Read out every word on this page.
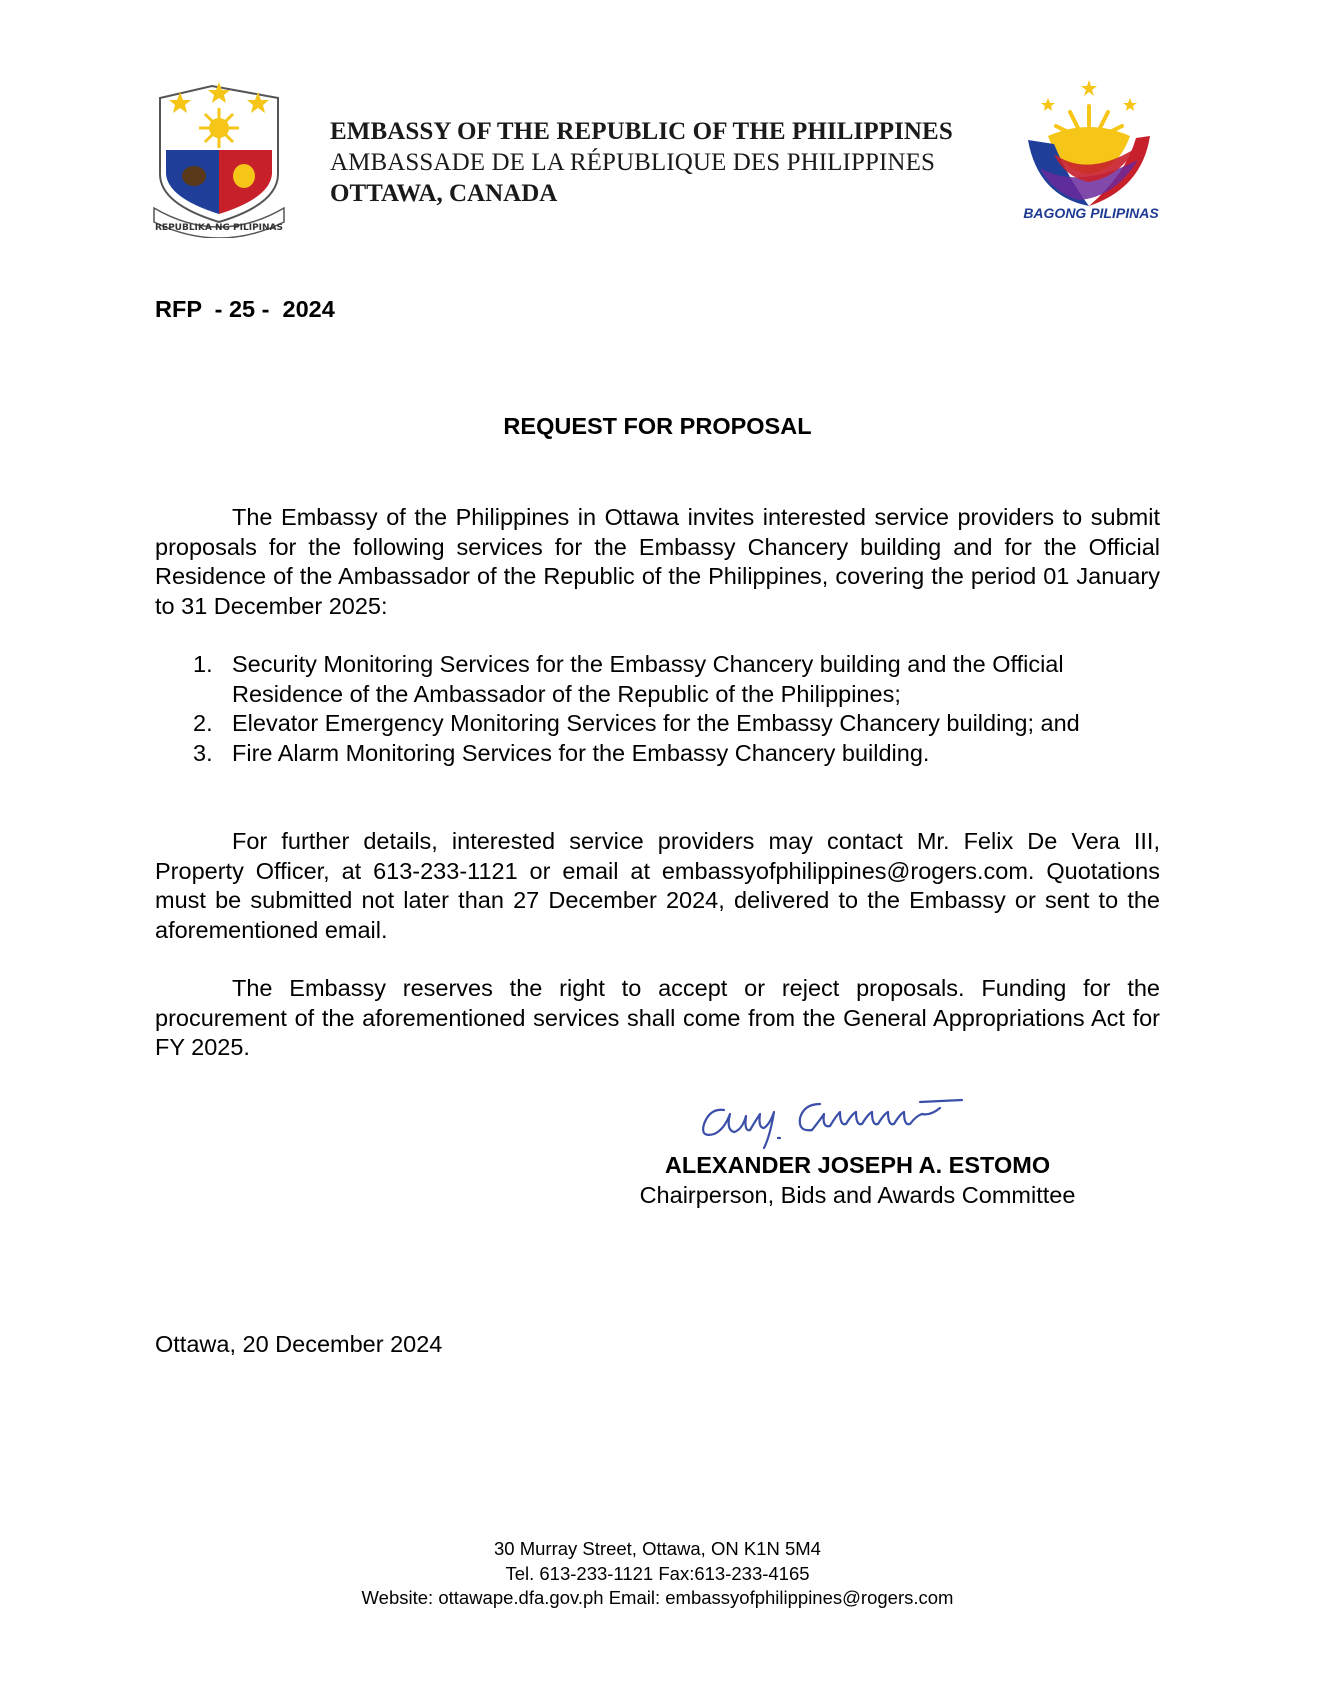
REPUBLIKA NG PILIPINAS
EMBASSY OF THE REPUBLIC OF THE PHILIPPINES
AMBASSADE DE LA RÉPUBLIQUE DES PHILIPPINES
OTTAWA, CANADA
BAGONG PILIPINAS
RFP  - 25 -  2024
REQUEST FOR PROPOSAL

The Embassy of the Philippines in Ottawa invites interested service providers to submit proposals for the following services for the Embassy Chancery building and for the Official Residence of the Ambassador of the Republic of the Philippines, covering the period 01 January to 31 December 2025:

1. Security Monitoring Services for the Embassy Chancery building and the Official Residence of the Ambassador of the Republic of the Philippines;
2. Elevator Emergency Monitoring Services for the Embassy Chancery building; and
3. Fire Alarm Monitoring Services for the Embassy Chancery building.

For further details, interested service providers may contact Mr. Felix De Vera III, Property Officer, at 613-233-1121 or email at embassyofphilippines@rogers.com. Quotations must be submitted not later than 27 December 2024, delivered to the Embassy or sent to the aforementioned email.

The Embassy reserves the right to accept or reject proposals. Funding for the procurement of the aforementioned services shall come from the General Appropriations Act for FY 2025.

ALEXANDER JOSEPH A. ESTOMO
Chairperson, Bids and Awards Committee
Ottawa, 20 December 2024
30 Murray Street, Ottawa, ON K1N 5M4
Tel. 613-233-1121 Fax:613-233-4165
Website: ottawape.dfa.gov.ph Email: embassyofphilippines@rogers.com
